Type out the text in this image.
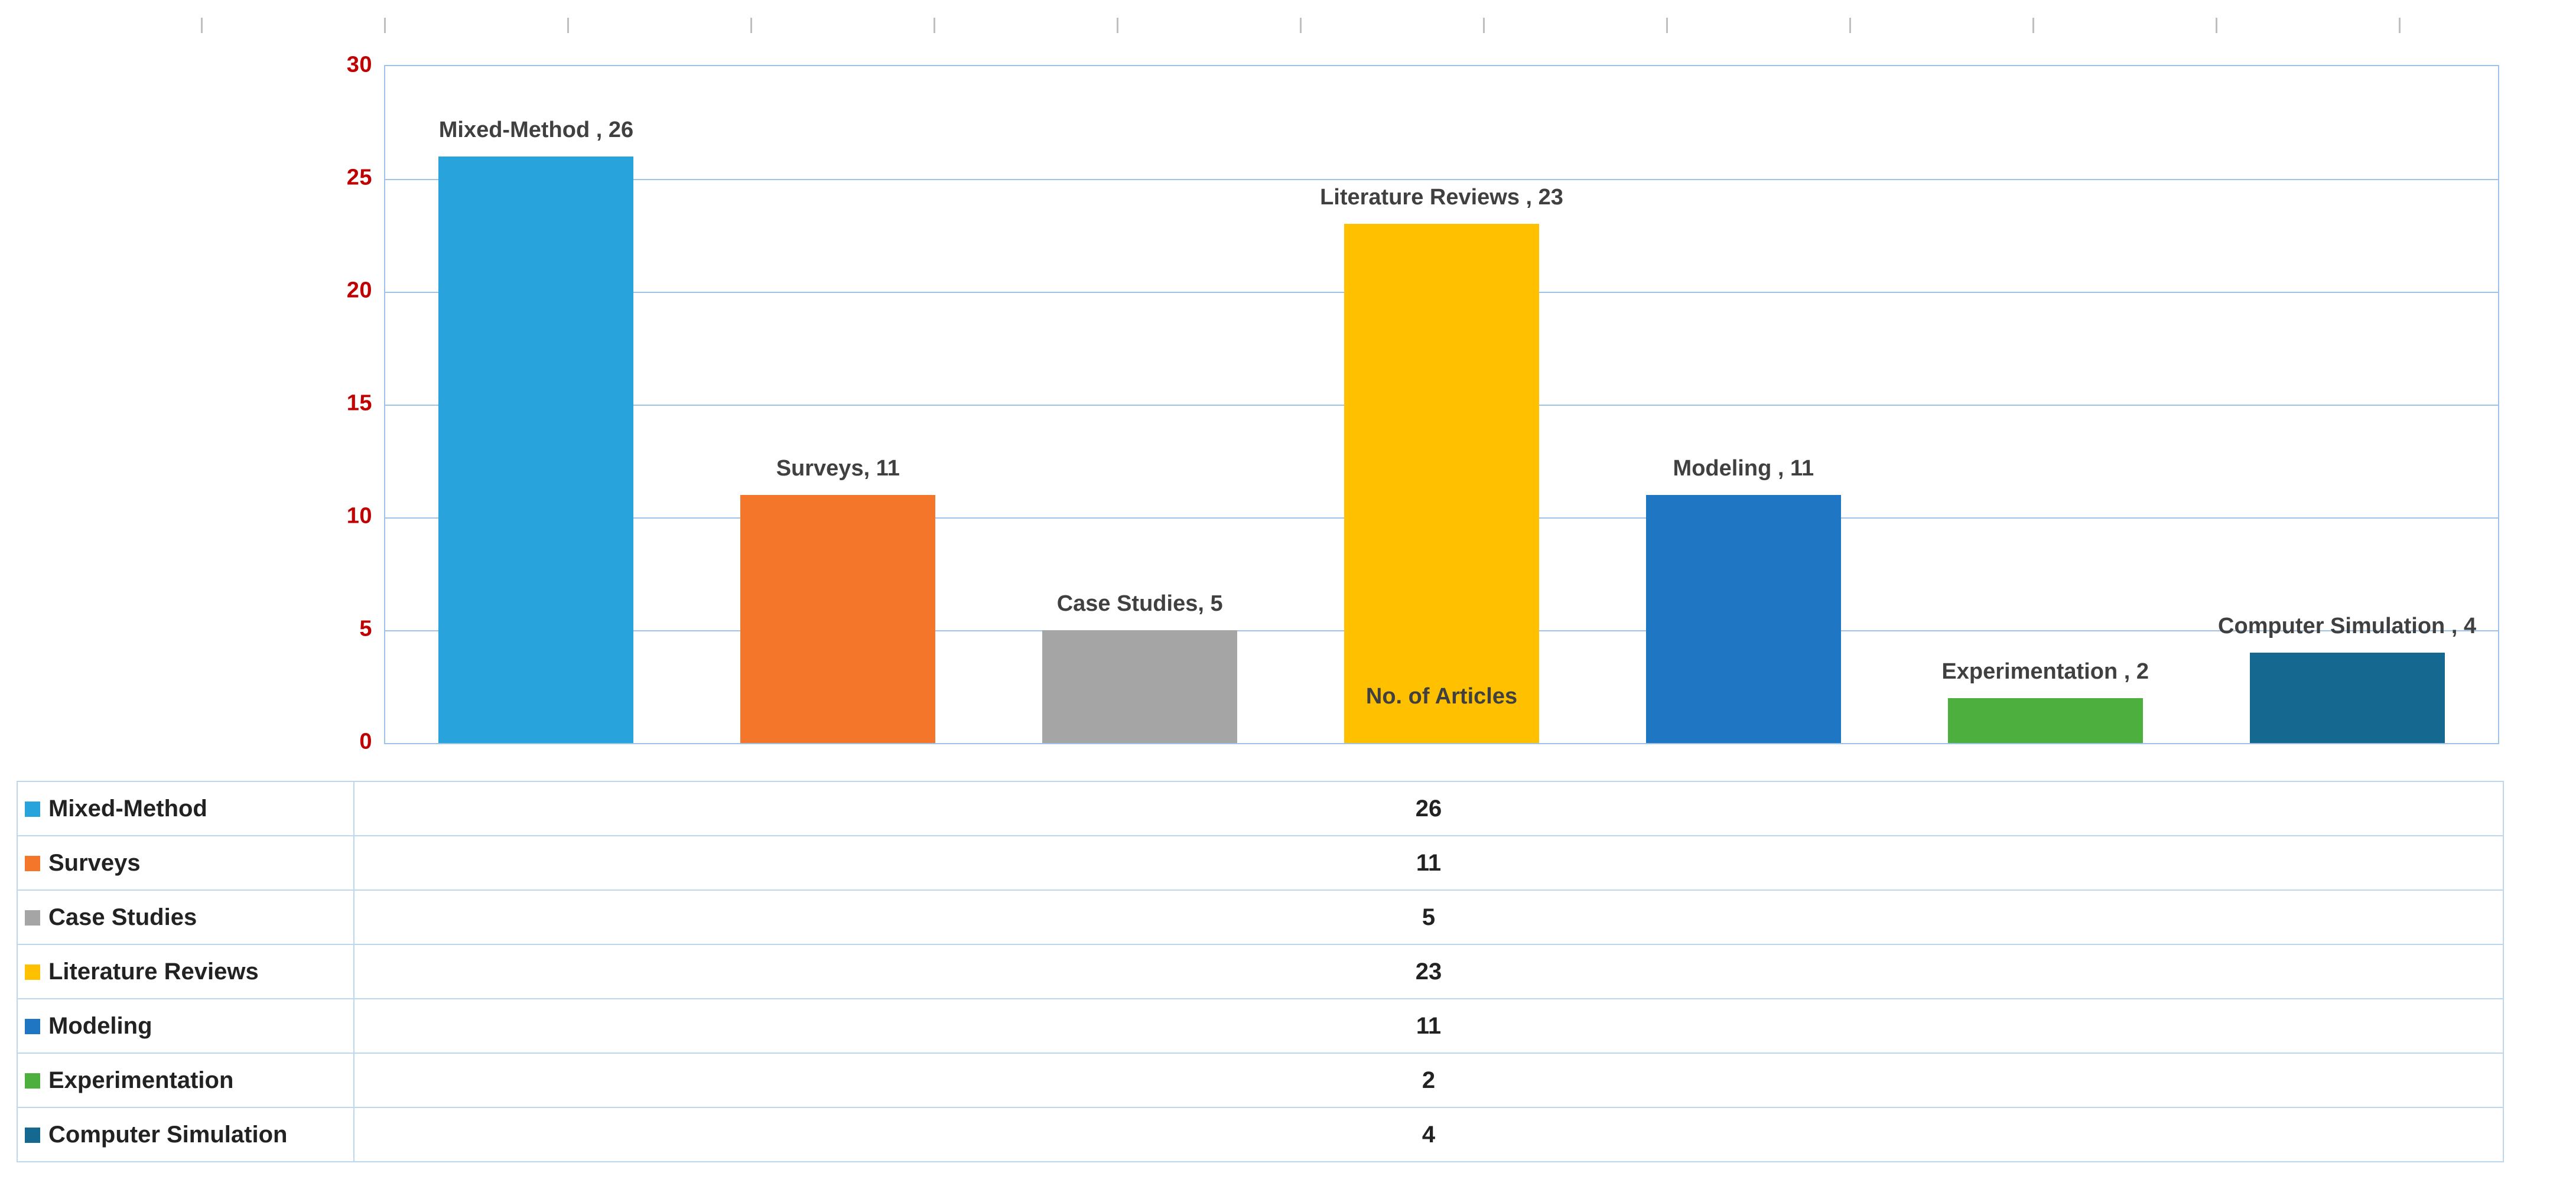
0
5
10
15
20
25
30
Mixed-Method , 26
Surveys, 11
Case Studies, 5
Literature Reviews , 23
Modeling , 11
Experimentation , 2
Computer Simulation , 4
No. of Articles
Mixed-Method	26
Surveys	11
Case Studies	5
Literature Reviews	23
Modeling	11
Experimentation	2
Computer Simulation	4
